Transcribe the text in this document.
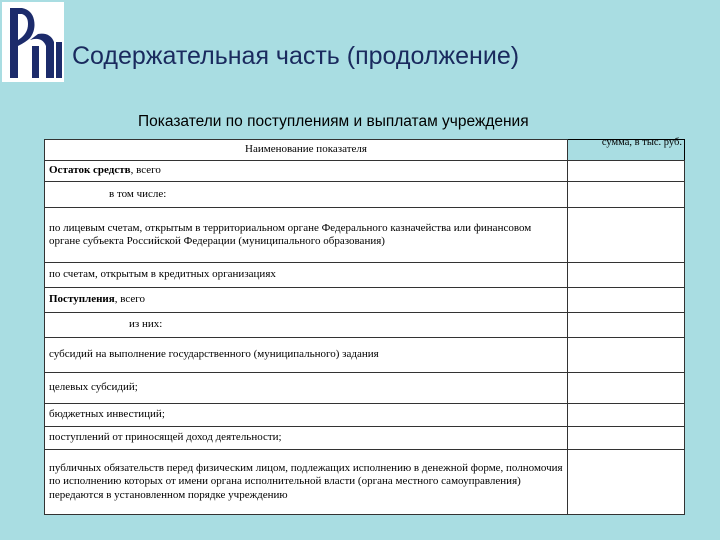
Содержательная часть (продолжение)
Показатели по поступлениям и выплатам учреждения
Наименование показателя	сумма, в тыс. руб.

Остаток средств, всего	
в том числе:	
по лицевым счетам, открытым в территориальном органе Федерального казначейства или финансовом органе субъекта Российской Федерации (муниципального образования)	
по счетам, открытым в кредитных организациях	
Поступления, всего	
из них:	
субсидий на выполнение государственного (муниципального) задания	
целевых субсидий;	
бюджетных инвестиций;	
поступлений от приносящей доход деятельности;	
публичных обязательств перед физическим лицом, подлежащих исполнению в денежной форме, полномочия по исполнению которых от имени органа исполнительной власти (органа местного самоуправления) передаются в установленном порядке учреждению	
